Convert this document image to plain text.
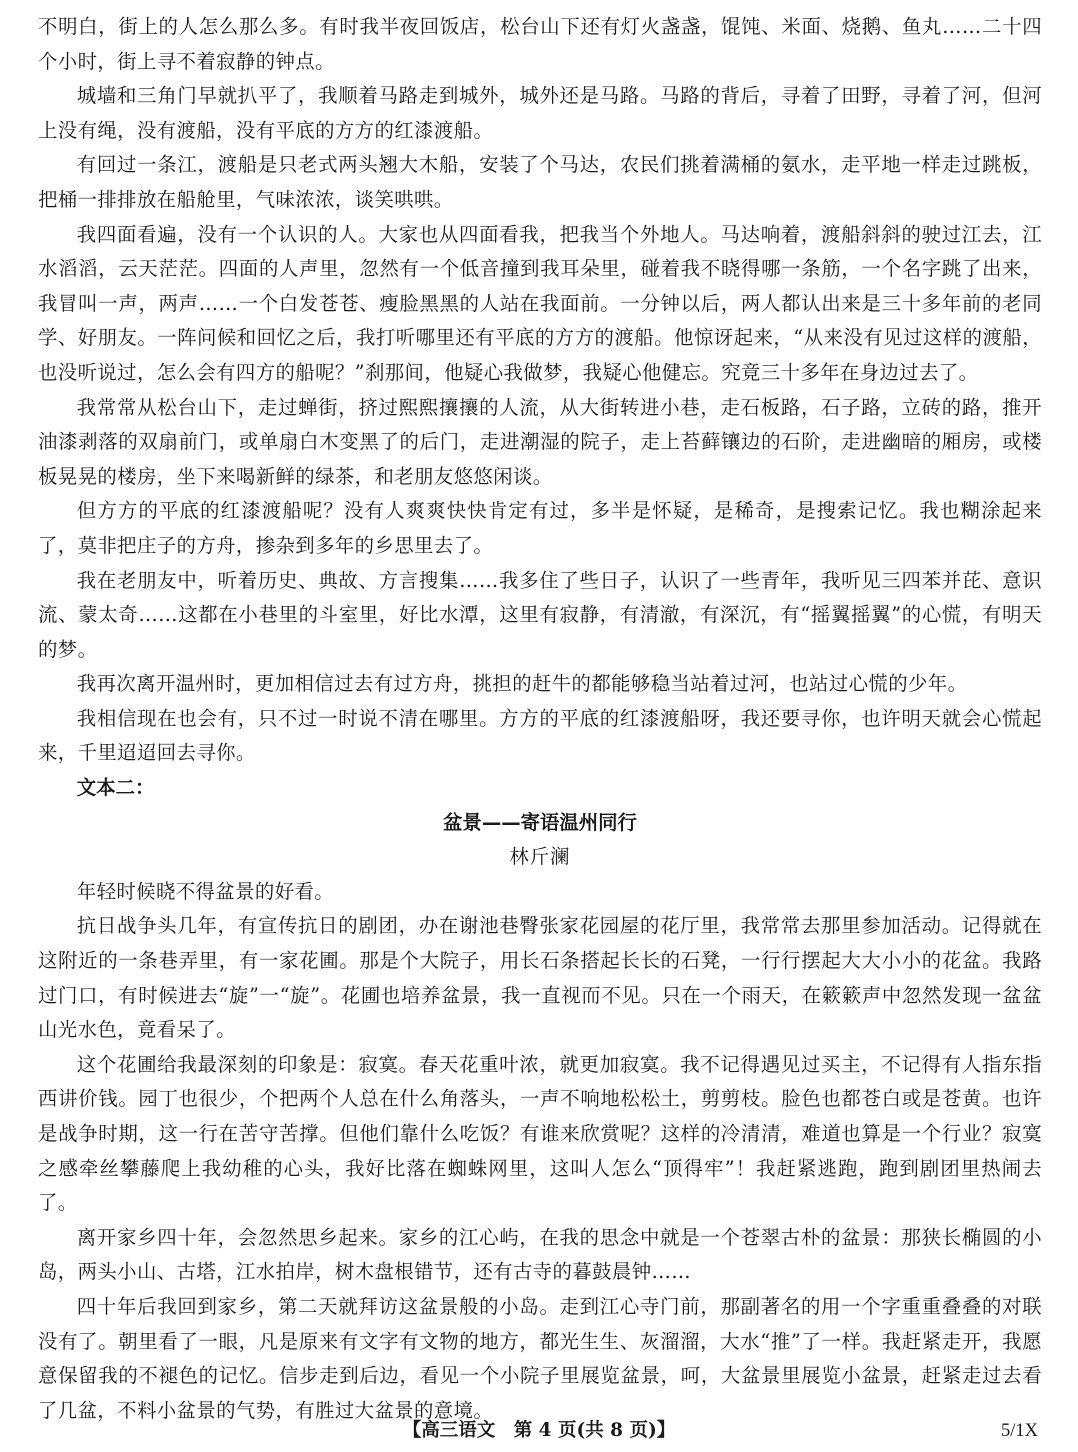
不明白，街上的人怎么那么多。有时我半夜回饭店，松台山下还有灯火盏盏，馄饨、米面、烧鹅、鱼丸……二十四个小时，街上寻不着寂静的钟点。

城墙和三角门早就扒平了，我顺着马路走到城外，城外还是马路。马路的背后，寻着了田野，寻着了河，但河上没有绳，没有渡船，没有平底的方方的红漆渡船。

有回过一条江，渡船是只老式两头翘大木船，安装了个马达，农民们挑着满桶的氨水，走平地一样走过跳板，把桶一排排放在船舱里，气味浓浓，谈笑哄哄。

我四面看遍，没有一个认识的人。大家也从四面看我，把我当个外地人。马达响着，渡船斜斜的驶过江去，江水滔滔，云天茫茫。四面的人声里，忽然有一个低音撞到我耳朵里，碰着我不晓得哪一条筋，一个名字跳了出来，我冒叫一声，两声……一个白发苍苍、瘦脸黑黑的人站在我面前。一分钟以后，两人都认出来是三十多年前的老同学、好朋友。一阵问候和回忆之后，我打听哪里还有平底的方方的渡船。他惊讶起来，“从来没有见过这样的渡船，也没听说过，怎么会有四方的船呢？”刹那间，他疑心我做梦，我疑心他健忘。究竟三十多年在身边过去了。

我常常从松台山下，走过蝉街，挤过熙熙攘攘的人流，从大街转进小巷，走石板路，石子路，立砖的路，推开油漆剥落的双扇前门，或单扇白木变黑了的后门，走进潮湿的院子，走上苔藓镶边的石阶，走进幽暗的厢房，或楼板晃晃的楼房，坐下来喝新鲜的绿茶，和老朋友悠悠闲谈。

但方方的平底的红漆渡船呢？没有人爽爽快快肯定有过，多半是怀疑，是稀奇，是搜索记忆。我也糊涂起来了，莫非把庄子的方舟，掺杂到多年的乡思里去了。

我在老朋友中，听着历史、典故、方言搜集……我多住了些日子，认识了一些青年，我听见三四苯并芘、意识流、蒙太奇……这都在小巷里的斗室里，好比水潭，这里有寂静，有清澈，有深沉，有“摇翼摇翼”的心慌，有明天的梦。

我再次离开温州时，更加相信过去有过方舟，挑担的赶牛的都能够稳当站着过河，也站过心慌的少年。

我相信现在也会有，只不过一时说不清在哪里。方方的平底的红漆渡船呀，我还要寻你，也许明天就会心慌起来，千里迢迢回去寻你。

文本二：

盆景——寄语温州同行

林斤澜

年轻时候晓不得盆景的好看。

抗日战争头几年，有宣传抗日的剧团，办在谢池巷臀张家花园屋的花厅里，我常常去那里参加活动。记得就在这附近的一条巷弄里，有一家花圃。那是个大院子，用长石条搭起长长的石凳，一行行摆起大大小小的花盆。我路过门口，有时候进去“旋”一“旋”。花圃也培养盆景，我一直视而不见。只在一个雨天，在簌簌声中忽然发现一盆盆山光水色，竟看呆了。

这个花圃给我最深刻的印象是：寂寞。春天花重叶浓，就更加寂寞。我不记得遇见过买主，不记得有人指东指西讲价钱。园丁也很少，个把两个人总在什么角落头，一声不响地松松土，剪剪枝。脸色也都苍白或是苍黄。也许是战争时期，这一行在苦守苦撑。但他们靠什么吃饭？有谁来欣赏呢？这样的冷清清，难道也算是一个行业？寂寞之感牵丝攀藤爬上我幼稚的心头，我好比落在蜘蛛网里，这叫人怎么“顶得牢”！我赶紧逃跑，跑到剧团里热闹去了。

离开家乡四十年，会忽然思乡起来。家乡的江心屿，在我的思念中就是一个苍翠古朴的盆景：那狭长椭圆的小岛，两头小山、古塔，江水拍岸，树木盘根错节，还有古寺的暮鼓晨钟……

四十年后我回到家乡，第二天就拜访这盆景般的小岛。走到江心寺门前，那副著名的用一个字重重叠叠的对联没有了。朝里看了一眼，凡是原来有文字有文物的地方，都光生生、灰溜溜，大水“推”了一样。我赶紧走开，我愿意保留我的不褪色的记忆。信步走到后边，看见一个小院子里展览盆景，呵，大盆景里展览小盆景，赶紧走过去看了几盆，不料小盆景的气势，有胜过大盆景的意境。

【高三语文　第 4 页(共 8 页)】	5/1X
